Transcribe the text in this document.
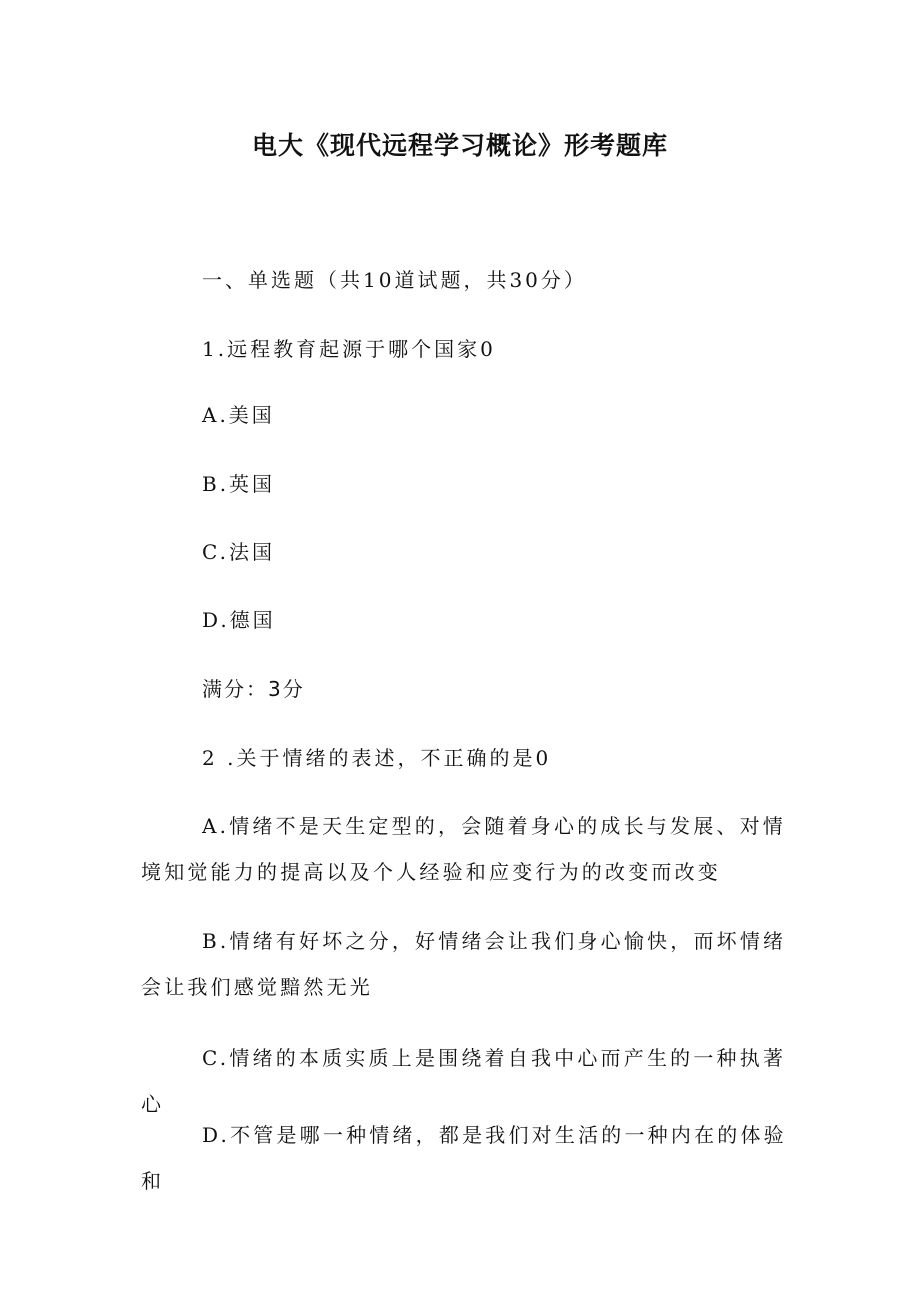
电大《现代远程学习概论》形考题库
一、单选题（共10道试题，共30分）
1.远程教育起源于哪个国家0
A.美国
B.英国
C.法国
D.德国
满分：3分
2 .关于情绪的表述，不正确的是0
A.情绪不是天生定型的，会随着身心的成长与发展、对情境知觉能力的提高以及个人经验和应变行为的改变而改变
B.情绪有好坏之分，好情绪会让我们身心愉快，而坏情绪会让我们感觉黯然无光
C.情绪的本质实质上是围绕着自我中心而产生的一种执著心
D.不管是哪一种情绪，都是我们对生活的一种内在的体验和
